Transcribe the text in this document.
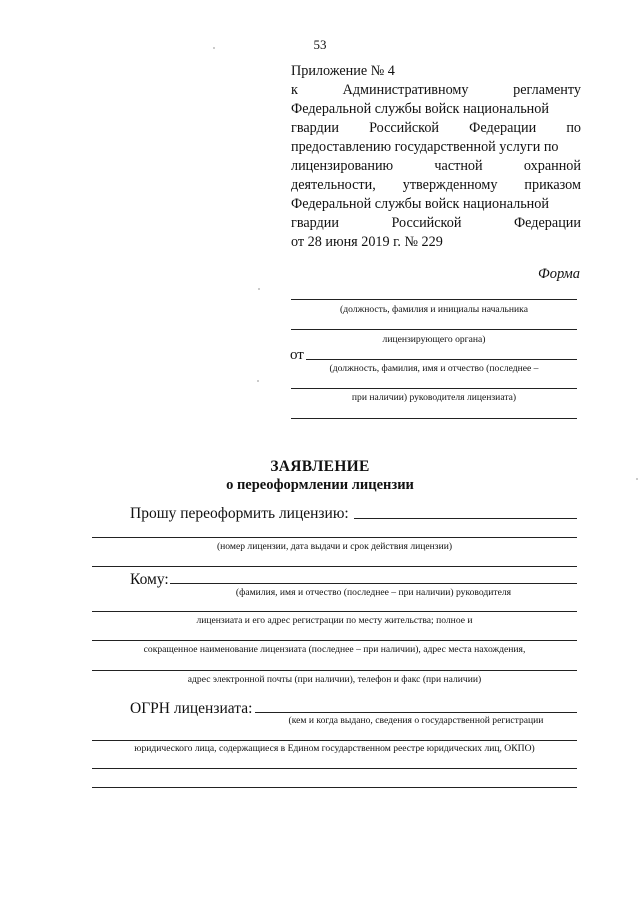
53
Приложение № 4
к	Административному	регламенту
Федеральной службы войск национальной
гвардии Российской Федерации по
предоставлению государственной услуги по
лицензированию	частной	охранной
деятельности, утвержденному приказом
Федеральной службы войск национальной
гвардии	Российской	Федерации
от 28 июня 2019 г. № 229
Форма
(должность, фамилия и инициалы начальника
лицензирующего органа)
от
(должность, фамилия, имя и отчество (последнее –
при наличии) руководителя лицензиата)
ЗАЯВЛЕНИЕ
о переоформлении лицензии
Прошу переоформить лицензию:
(номер лицензии, дата выдачи и срок действия лицензии)
Кому:
(фамилия, имя и отчество (последнее – при наличии) руководителя
лицензиата и его адрес регистрации по месту жительства; полное и
сокращенное наименование лицензиата (последнее – при наличии), адрес места нахождения,
адрес электронной почты (при наличии), телефон и факс (при наличии)
ОГРН лицензиата:
(кем и когда выдано, сведения о государственной регистрации
юридического лица, содержащиеся в Едином государственном реестре юридических лиц, ОКПО)
